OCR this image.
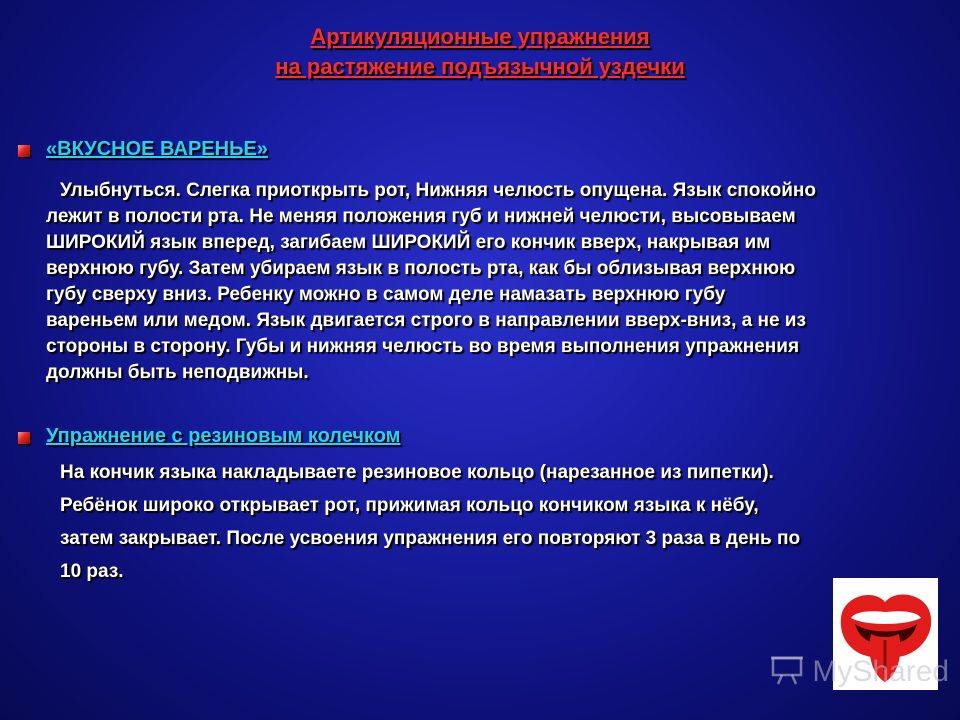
Артикуляционные упражнения
на растяжение подъязычной уздечки
«ВКУСНОЕ ВАРЕНЬЕ»
Улыбнуться. Слегка приоткрыть рот, Нижняя челюсть опущена. Язык спокойно
лежит в полости рта. Не меняя положения губ и нижней челюсти, высовываем
ШИРОКИЙ язык вперед, загибаем ШИРОКИЙ его кончик вверх, накрывая им
верхнюю губу. Затем убираем язык в полость рта, как бы облизывая верхнюю
губу сверху вниз. Ребенку можно в самом деле намазать верхнюю губу
вареньем или медом. Язык двигается строго в направлении вверх-вниз, а не из
стороны в сторону. Губы и нижняя челюсть во время выполнения упражнения
должны быть неподвижны.
Упражнение с резиновым колечком
На кончик языка накладываете резиновое кольцо (нарезанное из пипетки).
Ребёнок широко открывает рот, прижимая кольцо кончиком языка к нёбу,
затем закрывает. После усвоения упражнения его повторяют 3 раза в день по
10 раз.
MyShared
